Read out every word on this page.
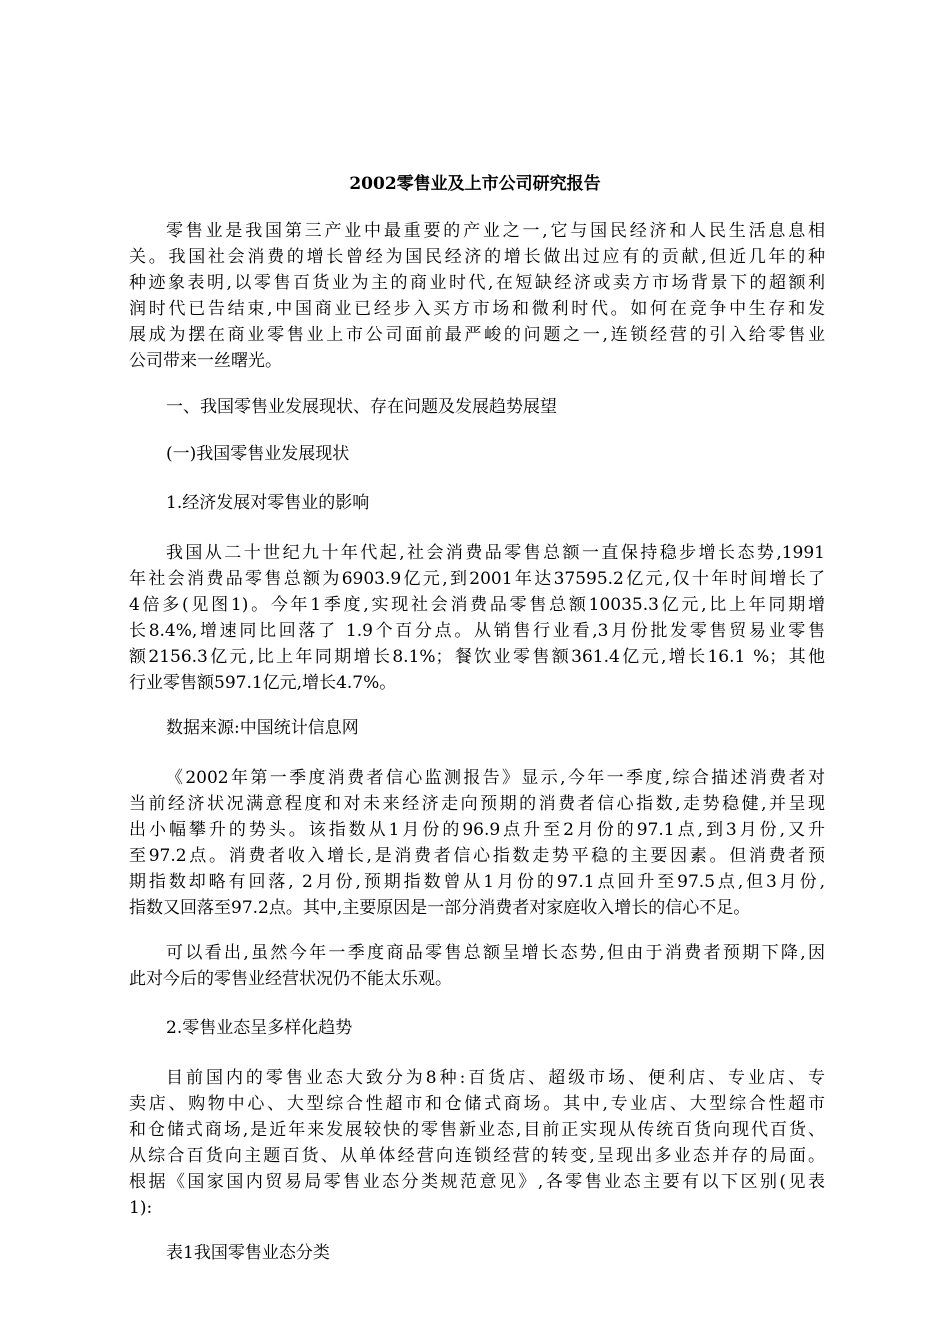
2002零售业及上市公司研究报告
零售业是我国第三产业中最重要的产业之一,它与国民经济和人民生活息息相
关。我国社会消费的增长曾经为国民经济的增长做出过应有的贡献,但近几年的种
种迹象表明,以零售百货业为主的商业时代,在短缺经济或卖方市场背景下的超额利
润时代已告结束,中国商业已经步入买方市场和微利时代。如何在竞争中生存和发
展成为摆在商业零售业上市公司面前最严峻的问题之一,连锁经营的引入给零售业
公司带来一丝曙光。
一、我国零售业发展现状、存在问题及发展趋势展望
(一)我国零售业发展现状
1.经济发展对零售业的影响
我国从二十世纪九十年代起,社会消费品零售总额一直保持稳步增长态势,1991
年社会消费品零售总额为6903.9亿元,到2001年达37595.2亿元,仅十年时间增长了
4倍多(见图1)。今年1季度,实现社会消费品零售总额10035.3亿元,比上年同期增
长8.4%,增速同比回落了 1.9个百分点。从销售行业看,3月份批发零售贸易业零售
额2156.3亿元,比上年同期增长8.1%；餐饮业零售额361.4亿元,增长16.1 %；其他
行业零售额597.1亿元,增长4.7%。
数据来源:中国统计信息网
《2002年第一季度消费者信心监测报告》显示,今年一季度,综合描述消费者对
当前经济状况满意程度和对未来经济走向预期的消费者信心指数,走势稳健,并呈现
出小幅攀升的势头。该指数从1月份的96.9点升至2月份的97.1点,到3月份,又升
至97.2点。消费者收入增长,是消费者信心指数走势平稳的主要因素。但消费者预
期指数却略有回落, 2月份,预期指数曾从1月份的97.1点回升至97.5点,但3月份,
指数又回落至97.2点。其中,主要原因是一部分消费者对家庭收入增长的信心不足。
可以看出,虽然今年一季度商品零售总额呈增长态势,但由于消费者预期下降,因
此对今后的零售业经营状况仍不能太乐观。
2.零售业态呈多样化趋势
目前国内的零售业态大致分为8种:百货店、超级市场、便利店、专业店、专
卖店、购物中心、大型综合性超市和仓储式商场。其中,专业店、大型综合性超市
和仓储式商场,是近年来发展较快的零售新业态,目前正实现从传统百货向现代百货、
从综合百货向主题百货、从单体经营向连锁经营的转变,呈现出多业态并存的局面。
根据《国家国内贸易局零售业态分类规范意见》,各零售业态主要有以下区别(见表
1):
表1我国零售业态分类
